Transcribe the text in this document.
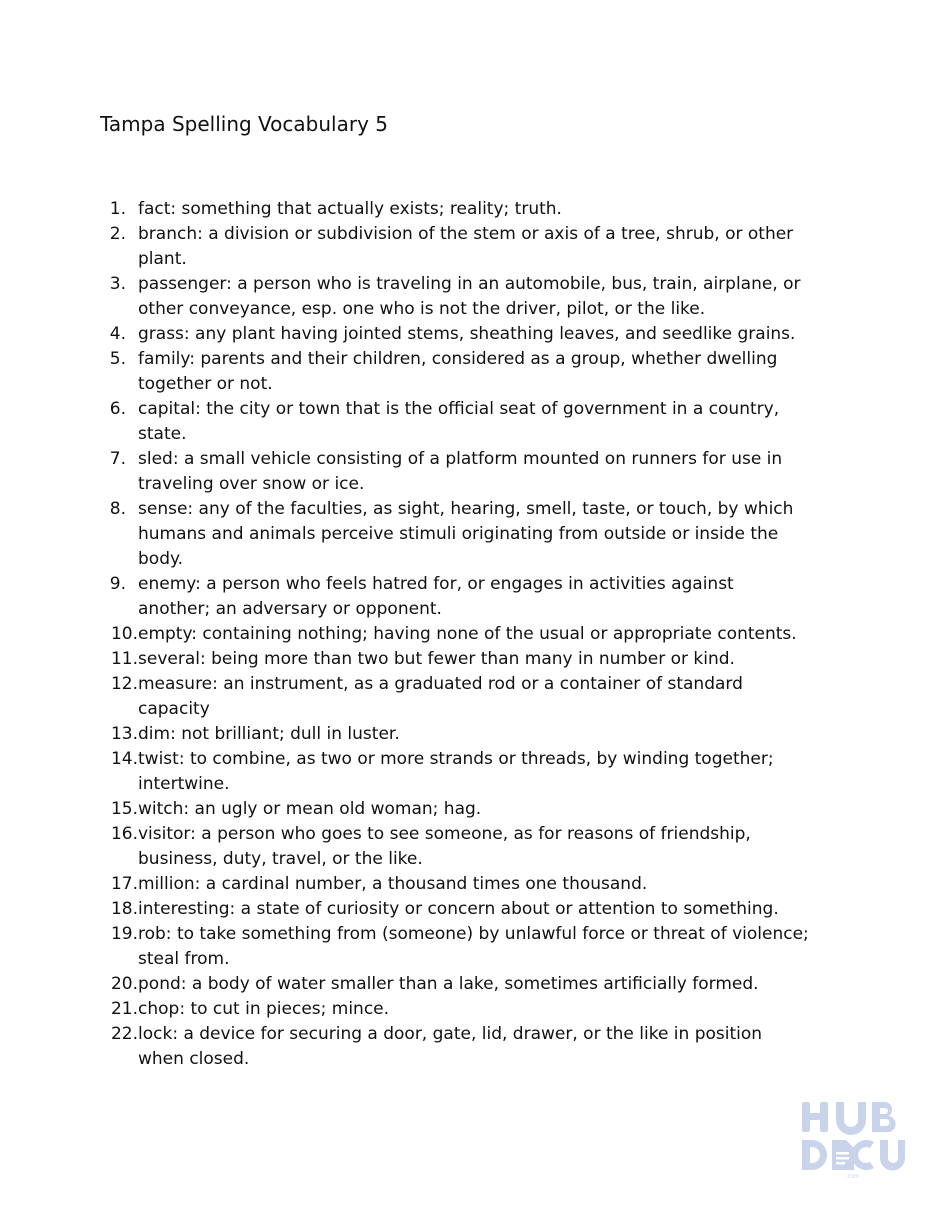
Tampa Spelling Vocabulary 5
1. fact: something that actually exists; reality; truth.
2. branch: a division or subdivision of the stem or axis of a tree, shrub, or other plant.
3. passenger: a person who is traveling in an automobile, bus, train, airplane, or other conveyance, esp. one who is not the driver, pilot, or the like.
4. grass: any plant having jointed stems, sheathing leaves, and seedlike grains.
5. family: parents and their children, considered as a group, whether dwelling together or not.
6. capital: the city or town that is the official seat of government in a country, state.
7. sled: a small vehicle consisting of a platform mounted on runners for use in traveling over snow or ice.
8. sense: any of the faculties, as sight, hearing, smell, taste, or touch, by which humans and animals perceive stimuli originating from outside or inside the body.
9. enemy: a person who feels hatred for, or engages in activities against another; an adversary or opponent.
10. empty: containing nothing; having none of the usual or appropriate contents.
11. several: being more than two but fewer than many in number or kind.
12. measure: an instrument, as a graduated rod or a container of standard capacity
13. dim: not brilliant; dull in luster.
14. twist: to combine, as two or more strands or threads, by winding together; intertwine.
15. witch: an ugly or mean old woman; hag.
16. visitor: a person who goes to see someone, as for reasons of friendship, business, duty, travel, or the like.
17. million: a cardinal number, a thousand times one thousand.
18. interesting: a state of curiosity or concern about or attention to something.
19. rob: to take something from (someone) by unlawful force or threat of violence; steal from.
20. pond: a body of water smaller than a lake, sometimes artificially formed.
21. chop: to cut in pieces; mince.
22. lock: a device for securing a door, gate, lid, drawer, or the like in position when closed.
.com
